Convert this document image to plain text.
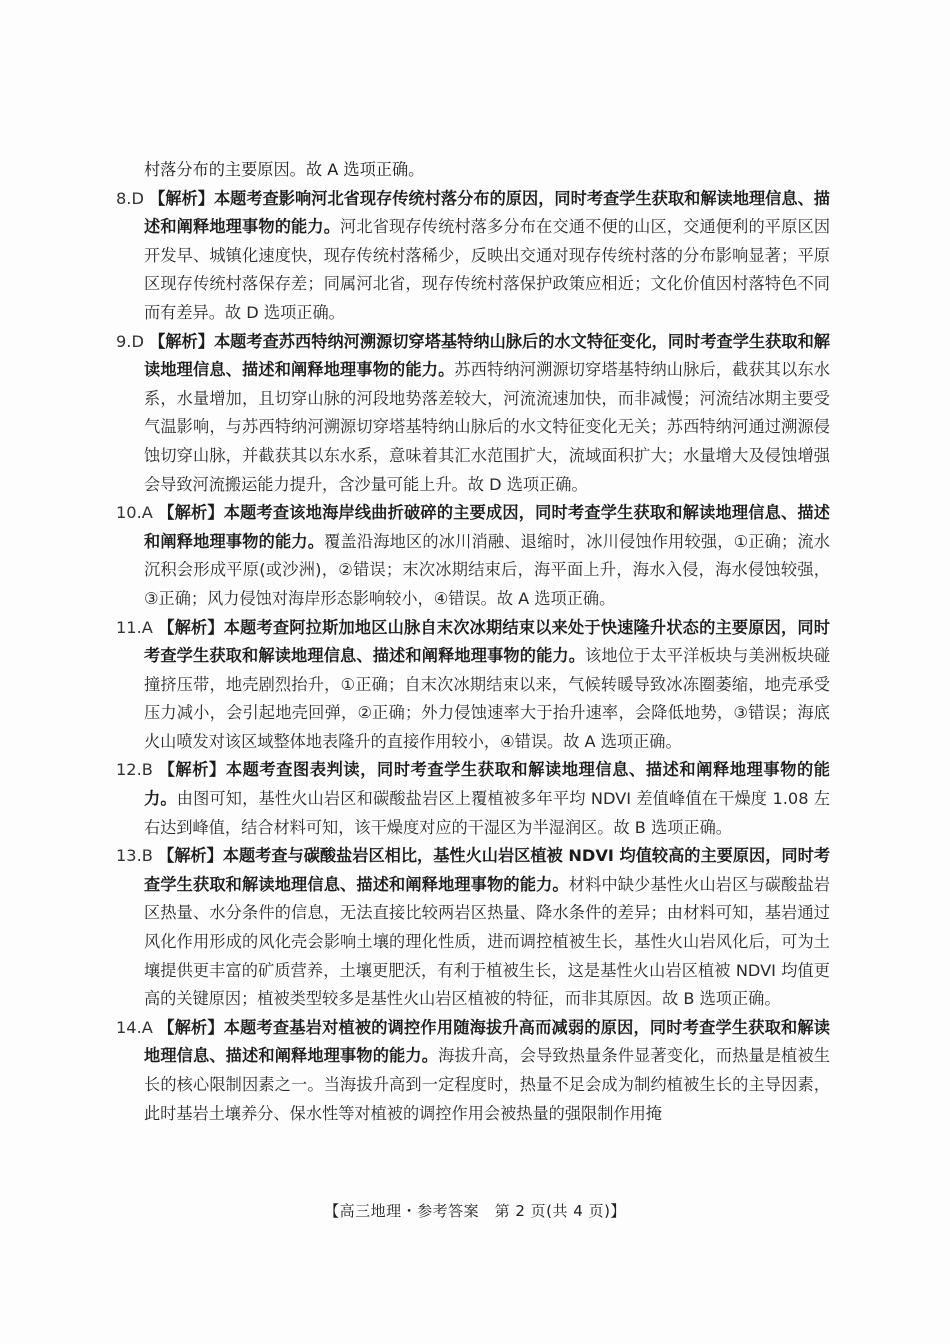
村落分布的主要原因。故 A 选项正确。

8.D 【解析】本题考查影响河北省现存传统村落分布的原因，同时考查学生获取和解读地理信息、描述和阐释地理事物的能力。河北省现存传统村落多分布在交通不便的山区，交通便利的平原区因开发早、城镇化速度快，现存传统村落稀少，反映出交通对现存传统村落的分布影响显著；平原区现存传统村落保存差；同属河北省，现存传统村落保护政策应相近；文化价值因村落特色不同而有差异。故 D 选项正确。

9.D 【解析】本题考查苏西特纳河溯源切穿塔基特纳山脉后的水文特征变化，同时考查学生获取和解读地理信息、描述和阐释地理事物的能力。苏西特纳河溯源切穿塔基特纳山脉后，截获其以东水系，水量增加，且切穿山脉的河段地势落差较大，河流流速加快，而非减慢；河流结冰期主要受气温影响，与苏西特纳河溯源切穿塔基特纳山脉后的水文特征变化无关；苏西特纳河通过溯源侵蚀切穿山脉，并截获其以东水系，意味着其汇水范围扩大，流域面积扩大；水量增大及侵蚀增强会导致河流搬运能力提升，含沙量可能上升。故 D 选项正确。

10.A 【解析】本题考查该地海岸线曲折破碎的主要成因，同时考查学生获取和解读地理信息、描述和阐释地理事物的能力。覆盖沿海地区的冰川消融、退缩时，冰川侵蚀作用较强，①正确；流水沉积会形成平原(或沙洲)，②错误；末次冰期结束后，海平面上升，海水入侵，海水侵蚀较强，③正确；风力侵蚀对海岸形态影响较小，④错误。故 A 选项正确。

11.A 【解析】本题考查阿拉斯加地区山脉自末次冰期结束以来处于快速隆升状态的主要原因，同时考查学生获取和解读地理信息、描述和阐释地理事物的能力。该地位于太平洋板块与美洲板块碰撞挤压带，地壳剧烈抬升，①正确；自末次冰期结束以来，气候转暖导致冰冻圈萎缩，地壳承受压力减小，会引起地壳回弹，②正确；外力侵蚀速率大于抬升速率，会降低地势，③错误；海底火山喷发对该区域整体地表隆升的直接作用较小，④错误。故 A 选项正确。

12.B 【解析】本题考查图表判读，同时考查学生获取和解读地理信息、描述和阐释地理事物的能力。由图可知，基性火山岩区和碳酸盐岩区上覆植被多年平均 NDVI 差值峰值在干燥度 1.08 左右达到峰值，结合材料可知，该干燥度对应的干湿区为半湿润区。故 B 选项正确。

13.B 【解析】本题考查与碳酸盐岩区相比，基性火山岩区植被 NDVI 均值较高的主要原因，同时考查学生获取和解读地理信息、描述和阐释地理事物的能力。材料中缺少基性火山岩区与碳酸盐岩区热量、水分条件的信息，无法直接比较两岩区热量、降水条件的差异；由材料可知，基岩通过风化作用形成的风化壳会影响土壤的理化性质，进而调控植被生长，基性火山岩风化后，可为土壤提供更丰富的矿质营养，土壤更肥沃，有利于植被生长，这是基性火山岩区植被 NDVI 均值更高的关键原因；植被类型较多是基性火山岩区植被的特征，而非其原因。故 B 选项正确。

14.A 【解析】本题考查基岩对植被的调控作用随海拔升高而减弱的原因，同时考查学生获取和解读地理信息、描述和阐释地理事物的能力。海拔升高，会导致热量条件显著变化，而热量是植被生长的核心限制因素之一。当海拔升高到一定程度时，热量不足会成为制约植被生长的主导因素，此时基岩土壤养分、保水性等对植被的调控作用会被热量的强限制作用掩

【高三地理・参考答案　第 2 页(共 4 页)】
